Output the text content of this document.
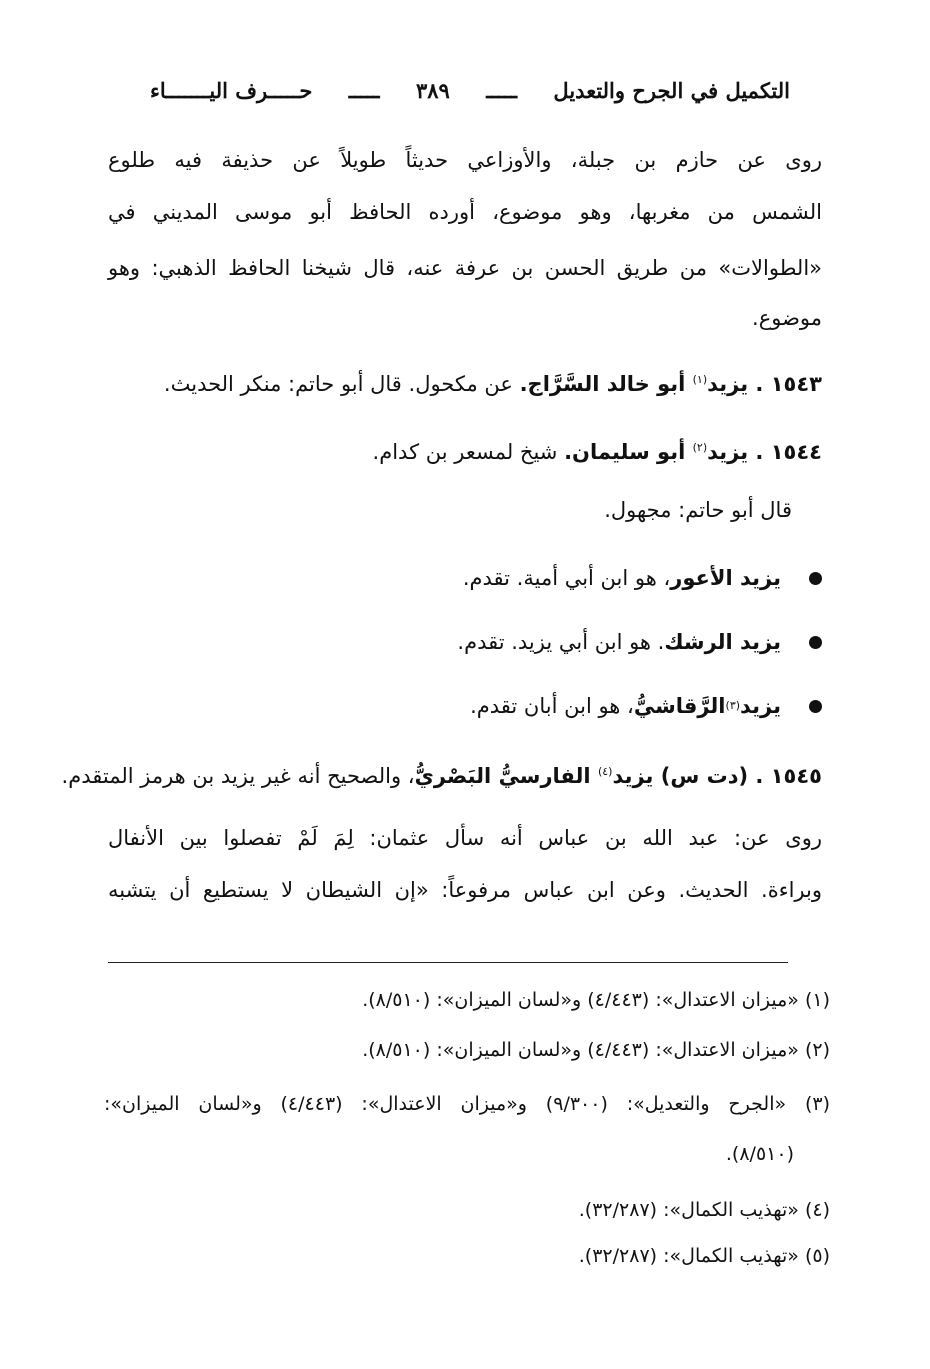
التكميل في الجرح والتعديل
ـــــ
٣٨٩
ـــــ
حـــــرف اليـــــــاء
روى عن حازم بن جبلة، والأوزاعي حديثاً طويلاً عن حذيفة فيه طلوع
الشمس من مغربها، وهو موضوع، أورده الحافظ أبو موسى المديني في
«الطوالات» من طريق الحسن بن عرفة عنه، قال شيخنا الحافظ الذهبي: وهو
موضوع.
١٥٤٣ . يزيد$^{(١)}$ أبو خالد السَّرَّاج. عن مكحول. قال أبو حاتم: منكر الحديث.
١٥٤٤ . يزيد$^{(٢)}$ أبو سليمان. شيخ لمسعر بن كدام.
قال أبو حاتم: مجهول.
يزيد الأعور
، هو ابن أبي أمية. تقدم.
يزيد الرشك
. هو ابن أبي يزيد. تقدم.
يزيد
(٣)
الرَّقاشيُّ
، هو ابن أبان تقدم.
١٥٤٥ . (دت س) يزيد$^{(٤)}$ الفارسيُّ البَصْريُّ، والصحيح أنه غير يزيد بن هرمز المتقدم.
روى عن: عبد الله بن عباس أنه سأل عثمان: لِمَ لَمْ تفصلوا بين الأنفال
وبراءة. الحديث. وعن ابن عباس مرفوعاً: «إن الشيطان لا يستطيع أن يتشبه
(١) «ميزان الاعتدال»: (٤/٤٤٣) و«لسان الميزان»: (٨/٥١٠).
(٢) «ميزان الاعتدال»: (٤/٤٤٣) و«لسان الميزان»: (٨/٥١٠).
(٣) «الجرح والتعديل»: (٩/٣٠٠) و«ميزان الاعتدال»: (٤/٤٤٣) و«لسان الميزان»:
(٨/٥١٠).
(٤) «تهذيب الكمال»: (٣٢/٢٨٧).
(٥) «تهذيب الكمال»: (٣٢/٢٨٧).
